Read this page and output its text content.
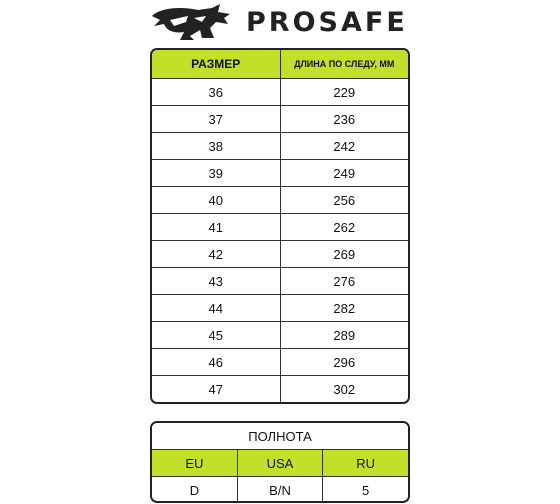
PROSAFE
РАЗМЕР	ДЛИНА ПО СЛЕДУ, ММ
36	229
37	236
38	242
39	249
40	256
41	262
42	269
43	276
44	282
45	289
46	296
47	302
ПОЛНОТА		
EU	USA	RU
D	B/N	5
